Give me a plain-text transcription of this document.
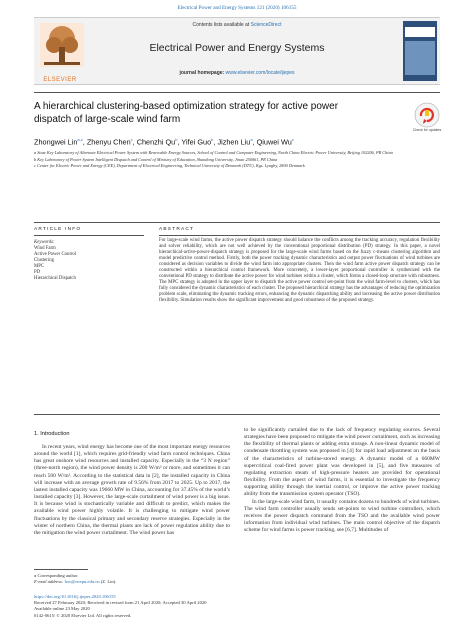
Electrical Power and Energy Systems 121 (2020) 106155
ELSEVIER
Contents lists available at ScienceDirect
Electrical Power and Energy Systems
journal homepage: www.elsevier.com/locate/ijepes
A hierarchical clustering-based optimization strategy for active power dispatch of large-scale wind farm
Check for updates
Zhongwei Lin$^{a,c}$, Zhenyu Chen$^c$, Chenzhi Qu$^b$, Yifei Guo$^b$, Jizhen Liu$^a$, Qiuwei Wu$^c$
a State Key Laboratory of Alternate Electrical Power System with Renewable Energy Sources, School of Control and Computer Engineering, North China Electric Power University, Beijing 102206, PR China
b Key Laboratory of Power System Intelligent Dispatch and Control of Ministry of Education, Shandong University, Jinan 250061, PR China
c Center for Electric Power and Energy (CEE), Department of Electrical Engineering, Technical University of Denmark (DTU), Kgs. Lyngby, 2800 Denmark
ARTICLE INFO	ABSTRACT
Keywords:
Wind Farm
Active Power Control
Clustering
MPC
PD
Hierarchical Dispatch
For large-scale wind farms, the active power dispatch strategy should balance the conflicts among the tracking accuracy, regulation flexibility and solver reliability, which are not well achieved by the conventional proportional distribution (PD) strategy. In this paper, a novel hierarchical-active-power-dispatch strategy is proposed for the large-scale wind farms based on the fuzzy c-means clustering algorithm and model predictive control method. Firstly, both the power tracking dynamic characteristics and output power fluctuations of wind turbines are considered as decision variables to divide the wind farm into appropriate clusters. Then the wind farm active power dispatch strategy can be constructed within a hierarchical control framework. More concretely, a lower-layer proportional controller is synthesized with the conventional PD strategy to distribute the active power for wind turbines within a cluster, which forms a closed-loop structure with robustness. The MPC strategy is adopted in the upper layer to dispatch the active power control set-point from the wind farm-level to clusters, which has fully considered the dynamic characteristics of each cluster. The proposed hierarchical strategy has the advantages of reducing the optimization problem scale, eliminating the dynamic tracking errors, enhancing the dynamic dispatching ability and increasing the active power distribution flexibility. Simulation results show the significant improvement and good robustness of the proposed strategy.
1. Introduction

In recent years, wind energy has become one of the most important energy resources around the world [1], which requires grid-friendly wind farm control techniques. China has great onshore wind resources and installed capacity. Especially in the “3 N region” (three-north region), the wind power density is 200 W/m² or more, and sometimes it can reach 500 W/m². According to the statistical data in [2], the installed capacity in China will increase with an average growth rate of 9.56% from 2017 to 2025. Up to 2017, the lastest installed capacity was 19660 MW in China, accounting for 37.45% of the world’s installed capacity [3]. However, the large-scale curtailment of wind power is a big issue. It is because wind is stochastically variable and difficult to predict, which makes the available wind power highly volatile. It is challenging to mitigate wind power fluctuations by the classical primary and secondary reserve strategies. Especially in the winter of northern China, the thermal plants are lack of power regulation ability due to the mitigation the wind power curtailment. The wind power has

to be significantly curtailed due to the lack of frequency regulating sources. Several strategies have been proposed to mitigate the wind power curtailment, such as increasing the flexibility of thermal plants or adding extra storage. A non-linear dynamic model of condensate throttling system was proposed in [4] for rapid load adjustment on the basis of the characteristics of turbine-stored energy. A dynamic model of a 660MW supercritical coal-fired power plant was developed in [5], and five measures of regulating extraction steam of high-pressure heaters are provided for operational flexibility. From the aspect of wind farms, it is essential to investigate the frequency supporting ability through the inertial control, or improve the active power tracking ability from the transmission system operator (TSO).

In the large-scale wind farm, it usually contains dozens to hundreds of wind turbines. The wind farm controller usually sends set-points to wind turbine controllers, which receives the power dispatch command from the TSO and the available wind power information from individual wind turbines. The main control objective of the dispatch scheme for wind farms is power tracking, see [6,7]. Multitudes of

⁎ Corresponding author.
E-mail address: lzw@ncepu.edu.cn (Z. Lin).
https://doi.org/10.1016/j.ijepes.2020.106155
Received 27 February 2020; Received in revised form 21 April 2020; Accepted 30 April 2020
Available online 23 May 2020
0142-0615/ © 2020 Elsevier Ltd. All rights reserved.
